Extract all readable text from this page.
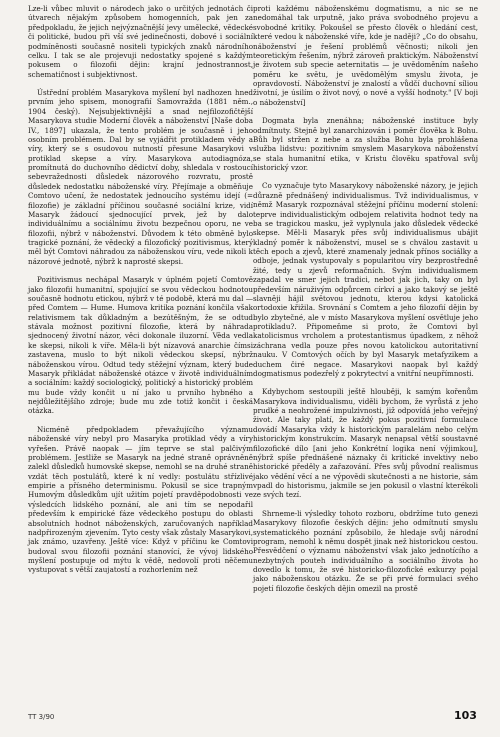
Lze-li vůbec mluvit o národech jako o určitých jednotách či útvarech nějakým způsobem homogenních, pak jen za předpokladu, že jejich nejvýznačnější jevy umělecké, vědecké či politické, budou při vší své jedinečnosti, dobové i sociální podmíněnosti současně nositeli typických znaků národního celku. I tak se ale projevuji nedostatky spojené s každým pokusem o filozofii dějin: krajní jednostrannost, schematičnost i subjektivnost.

Ústřední problém Masarykova myšlení byl nadhozen hned prvním jeho spisem, monografií Samovražda (1881 něm., 1904 český). Nejsubjektivnější a snad nejfilozofičtější Masarykova studie Moderní člověk a náboženství [Naše doba IV., 1897] ukazala, že tento problém je současně i jeho osobním problémem. Dal by se vyjádřit protikladem vědy a víry, který se s osudovou nutností přesune Masarykovi v protiklad skepse a víry. Masarykova autodiagnóza, promítnutá do duchovního dědictví doby, shledala v rostoucí sebevražednosti důsledek názorového rozvratu, prostě důsledek nedostatku náboženské víry. Přejímaje a obměňuje Comtovo učení, že nedostatek jednoucího systému idejí (= filozofie) je základní příčinou současné sociální krize, vidí Masaryk žádoucí sjednocující prvek, jež by dalo individuálnímu a sociálnímu životu bezpečnou oporu, ne ve filozofii, nýbrž v náboženství. Důvodem k této obměně bylo tragické poznání, že vědecký a filozofický pozitivismus, který měl být Comtovi náhradou za náboženskou víru, vede nikoli k názorové jednotě, nýbrž k naprosté skepsi.

Pozitivismus nechápal Masaryk v úplném pojetí Comtově jako filozofii humanitní, spojující se svou vědeckou hodnotou současně hodnotu etickou, nýbrž v té podobě, která mu dal — před Comtem — Hume. Humova kritika poznání končila však relativismem tak důkladným a bezútěšným, že se odtud stávala možnost pozitivní filozofie, která by náhrada sjednocený životní názor, věci dokonale iluzorní. Věda vedla ke skepsi, nikoli k víře. Měla-li být nízavová anarchie čímsi zastavena, muslo to být nikoli vědeckou skepsí, nýbrž náboženskou vírou. Odtud tedy stěžejní význam, který bude Masaryk přikládat náboženské otázce v životě individuálním a sociálním: každý sociologický, politický a historický problém mu bude vždy končit u ní jako u prvního hybného a nejdůležitějšího zdroje; bude mu zde totiž končit i česká otázka.

Nicméně předpokladem převažujícího významu náboženské víry nebyl pro Masaryka protiklad vědy a víry vyřešen. Právě naopak — jím teprve se stal palčivým problémem. Jestliže se Masaryk na jedné straně oprávněně zalekl důsledků humovské skepse, nemohl se na druhé straně vzdát těch postulátů, které k ní vedly: postulátu střízlivé empirie a přísného determinismu. Pokusil se sice trapným Humovým důsledkům ujít užitím pojetí pravděpodobnosti ve výsledcích lidského poznání, ale ani tím se nepodařil především k empirické fáze vědeckého postupu do oblasti absolutních hodnot náboženských, zaručovaných například nadpřirozeným zjevením. Tyto cesty však zůstaly Masarykovi, jak známo, uzavřeny. Ještě více: Když v příčinu ke Comtovi budoval svou filozofii poznání stanovící, že vývoj lidského myšlení postupuje od mýtu k vědě, nedovolí proti něčemu vystupovat s větší zaujatostí a rozhorlením než

proti každému náboženskému dogmatismu, a nic se ne nedomáhal tak urputně, jako práva svobodného projevu a svobodné kritiky. Pokoušel se přesto člověk o hledání cest, které vedou k náboženské víře, kde je naději? „Co do obsahu, náboženství je řešení problémů věčnosti; nikoli jen teoretickým řešením, nýbrž zároveň praktickým. Náboženství je životem sub specie aeternitatis — je uvědoměním našeho poměru ke světu, je uvědomělým smyslu života, je opravdovostí. Náboženství je znalostí a vůdčí duchovní síliou životní, je úsilím o život nový, o nové a vyšší hodnoty." [V boji o náboženství]

Dogmata byla znenáhna; náboženské instituce byly odmítnuty. Stejně byl zanarchizován i poměr člověka k Bohu. Bůh byl stržen z nebe a za služba Bohu byla prohlášena služba lidstvu: pozitivním smyslem Masarykova náboženství se stala humanitní etika, v Kristu člověku spatřoval svůj historický vzor.

Co vyznačuje tyto Masarykovy náboženské názory, je jejich důrazně přednášený individualismus. Tvž individualismus, v němž Masaryk rozpoznával stěžejní příčinu moderní stolení: teprve individualistickým odbojem relativita hodnot tedy na ba se tragickou masku, jež vyplynula jako důsledek vědecké skepse. Měl-li Masaryk přes svůj individualismus ubájit kladný poměr k náboženství, musel se s chválou zastavit u těch epoch a zjevů, které znamenaly jednak přínos sociálky a odboje, jednak vystupovaly s popularitou víry bezprostředně žité, tedy u zjevů reformačních. Svým individualismem zapadal ve smer jejich tradici, nebot jak jich, taky on byl především náruživým odpůrcem církví a jako takový se ještě slavněji hájil světovou jednotu, kterou kdysi katolická ortodoxie křižila. Srovnání s Comtem a jeho filozofií dějin by bylo zbytečné, ale v místo Masarykova myšlení osvětluje jeho protikladu?. Připomeňme si proto, že Comtovi byl katolicismus vrcholem a protestantismus úpadkem, z něhož záchrana vedla pouze přes novou katolickou autoritativní nauku. V Comtových očích by byl Masaryk metafyzikem a duchem čiré negace. Masarykovi naopak byl každý dogmatismus podezřelý z pokrytectví a vnitřní neupřímnosti.

Kdybychom sestoupili ještě hlouběji, k samým kořenům Masarykova individualismu, viděli bychom, že vyrůstá z jeho prudké a neohrožené impulzivnosti, již odpovídá jeho veřejný život. Ale taky platí, že každý pokus pozitivní formulace dovádí Masaryka vždy k historickým paralelám nebo celým historickým konstrukcím. Masaryk nenapsal větší soustavné filozofické dílo [ani jeho Konkrétní logika není výjimkou], nýbrž spíše přednášené náznaky či kritické invektivy nebo historické předěly a zařazování. Přes svůj původní realismus jako vědění věcí a ne výpovědi skutečnosti a ne historie, sám vpadl do historismu, jakmile se jen pokusil o vlastní kterékoli ze svých tezí.

Shrneme-li výsledky tohoto rozboru, obdržíme tuto genezi Masarykovy filozofie českých dějin: jeho odmítnutí smyslu systematického poznání způsobilo, že hledaje svůj národní program, nemohl k němu dospět jinak než historickou cestou. Přesvědčení o významu náboženství však jako jednotícího a nezbytných pouteh individuálního a sociálního života ho dovedlo k tomu, že své historicko-filozofické exkurzy pojal jako náboženskou otázku. Že se při prvé formulaci svého pojetí filozofie českých dějin omezil na prostě

TT 3/90	103
